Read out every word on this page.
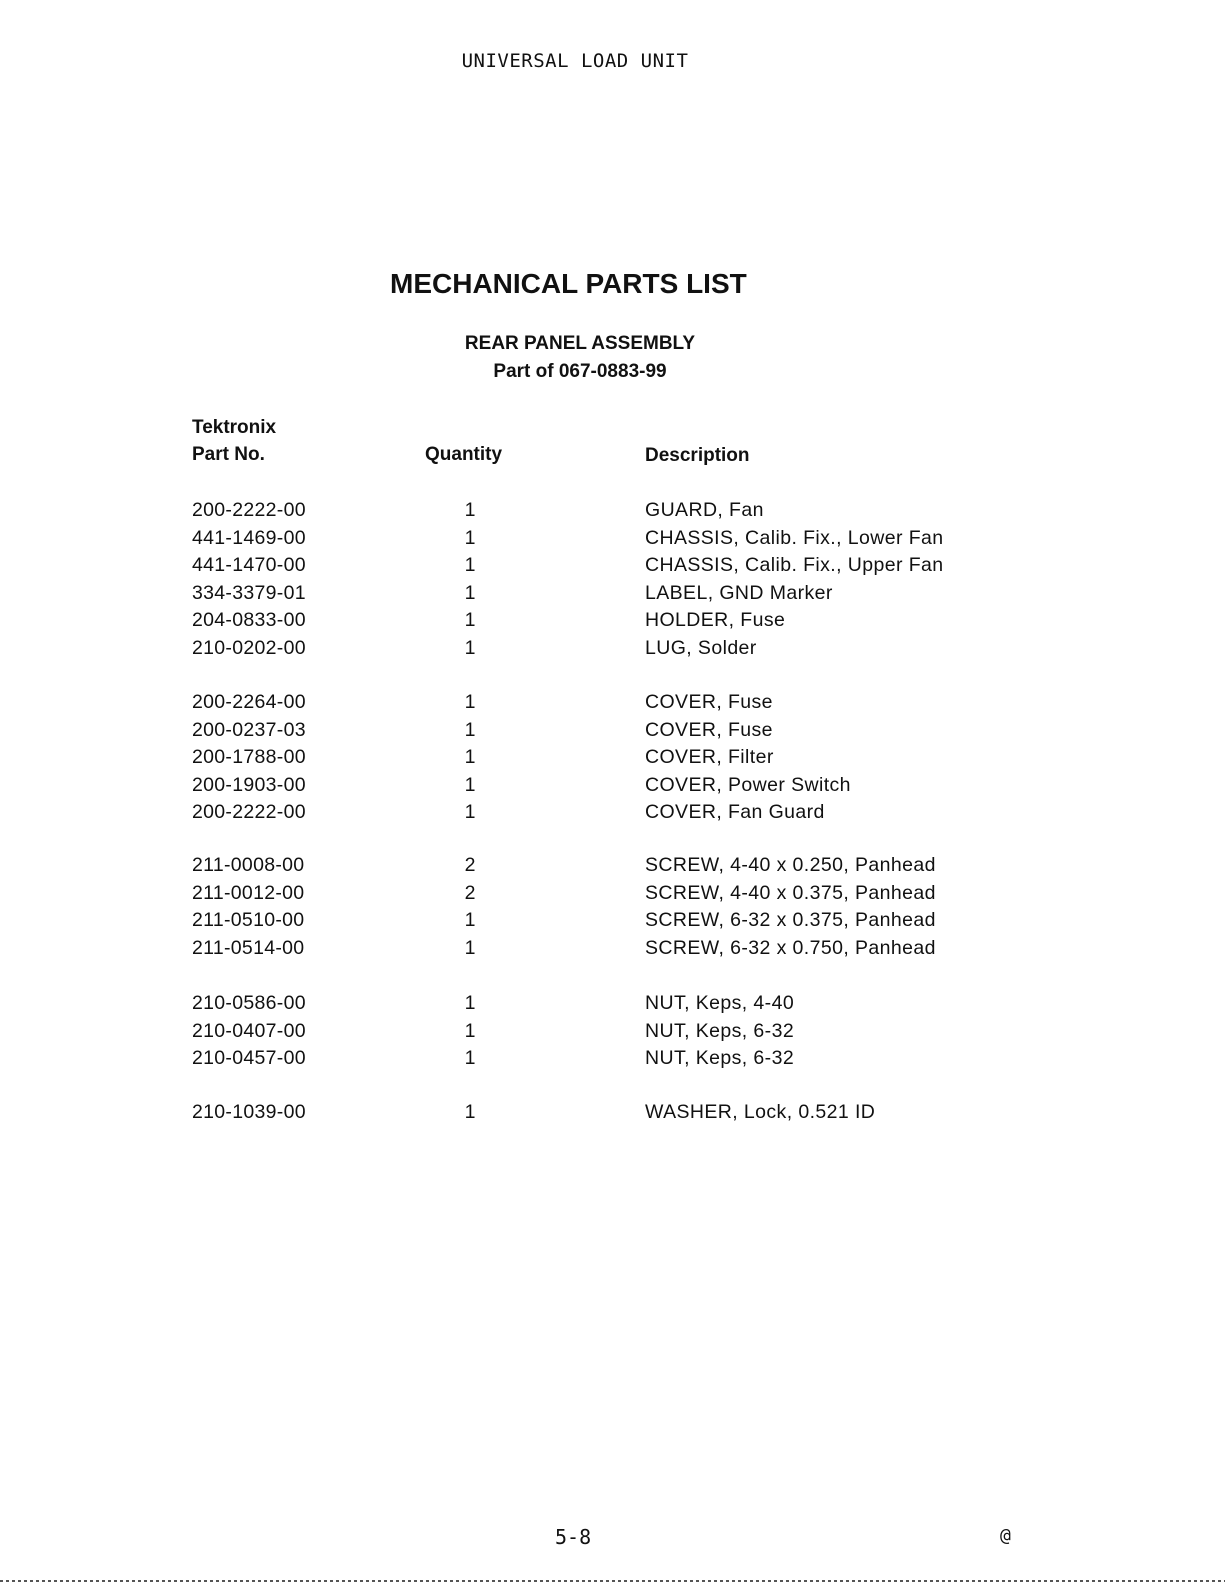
UNIVERSAL LOAD UNIT
MECHANICAL PARTS LIST
REAR PANEL ASSEMBLY
Part of 067-0883-99
Tektronix
Part No.	Quantity	Description
200-2222-00	1	GUARD, Fan
441-1469-00	1	CHASSIS, Calib. Fix., Lower Fan
441-1470-00	1	CHASSIS, Calib. Fix., Upper Fan
334-3379-01	1	LABEL, GND Marker
204-0833-00	1	HOLDER, Fuse
210-0202-00	1	LUG, Solder
200-2264-00	1	COVER, Fuse
200-0237-03	1	COVER, Fuse
200-1788-00	1	COVER, Filter
200-1903-00	1	COVER, Power Switch
200-2222-00	1	COVER, Fan Guard
211-0008-00	2	SCREW, 4-40 x 0.250, Panhead
211-0012-00	2	SCREW, 4-40 x 0.375, Panhead
211-0510-00	1	SCREW, 6-32 x 0.375, Panhead
211-0514-00	1	SCREW, 6-32 x 0.750, Panhead
210-0586-00	1	NUT, Keps, 4-40
210-0407-00	1	NUT, Keps, 6-32
210-0457-00	1	NUT, Keps, 6-32
210-1039-00	1	WASHER, Lock, 0.521 ID
5-8	@
